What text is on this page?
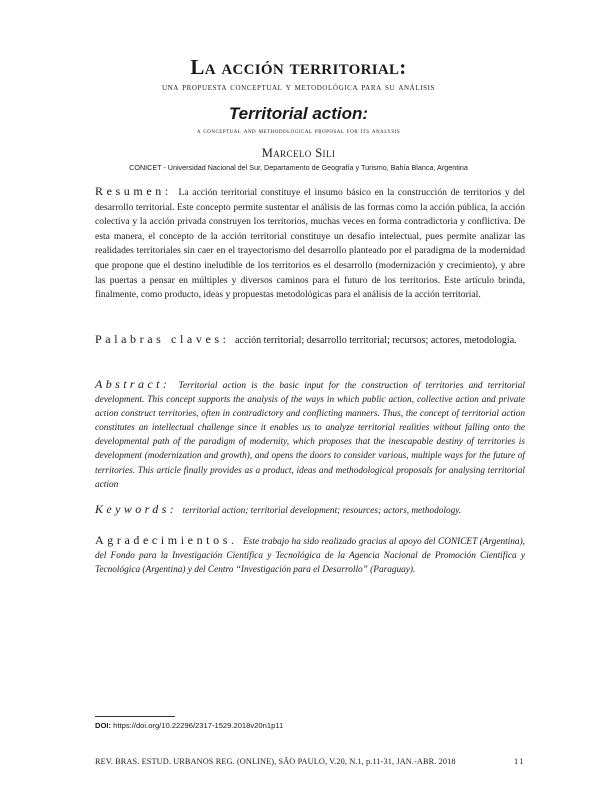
La acción territorial:
una propuesta conceptual y metodológica para su análisis
Territorial action:
a conceptual and methodological proposal for its analysis
Marcelo Sili
CONICET - Universidad Nacional del Sur, Departamento de Geografía y Turismo, Bahía Blanca, Argentina
Resumen: La acción territorial constituye el insumo básico en la construcción de territorios y del desarrollo territorial. Este concepto permite sustentar el análisis de las formas como la acción pública, la acción colectiva y la acción privada construyen los territorios, muchas veces en forma contradictoria y conflictiva. De esta manera, el concepto de la acción territorial constituye un desafío intelectual, pues permite analizar las realidades territoriales sin caer en el trayectorismo del desarrollo planteado por el paradigma de la modernidad que propone que el destino ineludible de los territorios es el desarrollo (modernización y crecimiento), y abre las puertas a pensar en múltiples y diversos caminos para el futuro de los territorios. Este artículo brinda, finalmente, como producto, ideas y propuestas metodológicas para el análisis de la acción territorial.
Palabras claves: acción territorial; desarrollo territorial; recursos; actores, metodología.
Abstract: Territorial action is the basic input for the construction of territories and territorial development. This concept supports the analysis of the ways in which public action, collective action and private action construct territories, often in contradictory and conflicting manners. Thus, the concept of territorial action constitutes an intellectual challenge since it enables us to analyze territorial realities without falling onto the developmental path of the paradigm of modernity, which proposes that the inescapable destiny of territories is development (modernization and growth), and opens the doors to consider various, multiple ways for the future of territories. This article finally provides as a product, ideas and methodological proposals for analysing territorial action
Keywords: territorial action; territorial development; resources; actors, methodology.
Agradecimientos. Este trabajo ha sido realizado gracias al apoyo del CONICET (Argentina), del Fondo para la Investigación Científica y Tecnológica de la Agencia Nacional de Promoción Científica y Tecnológica (Argentina) y del Centro “Investigación para el Desarrollo” (Paraguay).
DOI: https://doi.org/10.22296/2317-1529.2018v20n1p11
REV. BRAS. ESTUD. URBANOS REG. (ONLINE), SÃO PAULO, V.20, N.1, p.11-31, JAN.-ABR. 2018	11
